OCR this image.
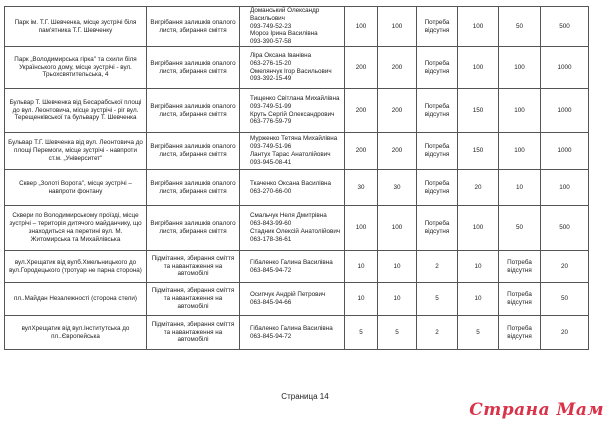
Парк ім. Т.Г. Шевченка, місце зустрічі біля пам'ятника Т.Г. Шевченку	Вигрібання залишків опалого листя, збирання сміття	Доманський Олександр Васильович
093-749-52-23
Мороз Ірина Василівна
093-390-57-58	100	100	Потреба відсутня	100	50	500
Парк „Володимирська гірка" та схили біля Українського дому, місце зустрічі - вул. Трьохсвятительська, 4	Вигрібання залишків опалого листя, збирання сміття	Ліра Оксана Іванівна
063-276-15-20
Омелянчук Ігор Васильович
093-392-15-49	200	200	Потреба відсутня	100	100	1000
Бульвар Т. Шевченка від Бесарабської площі до вул. Леонтовича, місце зустрічі - ріг вул. Терещенківської та бульвару Т. Шевченка	Вигрібання залишків опалого листя, збирання сміття	Тищенко Світлана Михайлівна
093-749-51-99
Круть Сергій Олександрович
063-776-59-79	200	200	Потреба відсутня	150	100	1000
Бульвар Т.Г. Шевченка від вул. Леонтовича до площі Перемоги, місце зустрічі - навпроти ст.м. „Університет"	Вигрібання залишків опалого листя, збирання сміття	Мурженко Тетяна Михайлівна
093-749-51-96
Лантух Тарас Анатолійович
093-945-08-41	200	200	Потреба відсутня	150	100	1000
Сквер „Золоті Ворота", місце зустрічі – навпроти фонтану	Вигрібання залишків опалого листя, збирання сміття	Ткаченко Оксана Василівна
063-270-66-00	30	30	Потреба відсутня	20	10	100
Сквери по Володимирському проїзді, місце зустрічі – територія дитячого майданчику, що знаходиться на перетині вул. М. Житомирська та Михайлівська	Вигрібання залишків опалого листя, збирання сміття	Смальчук Неля Дмитрівна
063-843-99-60
Стадник Олексій Анатолійович
063-178-36-61	100	100	Потреба відсутня	100	50	500
вул.Хрещатик від вулб.Хмельницького до вул.Городецького (тротуар не парна сторона)	Підмітання, збирання сміття та навантаження на автомобілі	Гібаленко Галина Василівна
063-845-94-72	10	10	2	10	Потреба відсутня	20
пл..Майдан Незалежності (сторона стели)	Підмітання, збирання сміття та навантаження на автомобілі	Осипчук Андрій Петрович
063-845-94-66	10	10	5	10	Потреба відсутня	50
вулХрещатик від вул.Інститутська до пл..Європейська	Підмітання, збирання сміття та навантаження на автомобілі	Гібаленко Галина Василівна
063-845-94-72	5	5	2	5	Потреба відсутня	20
Страница 14
Страна Мам
